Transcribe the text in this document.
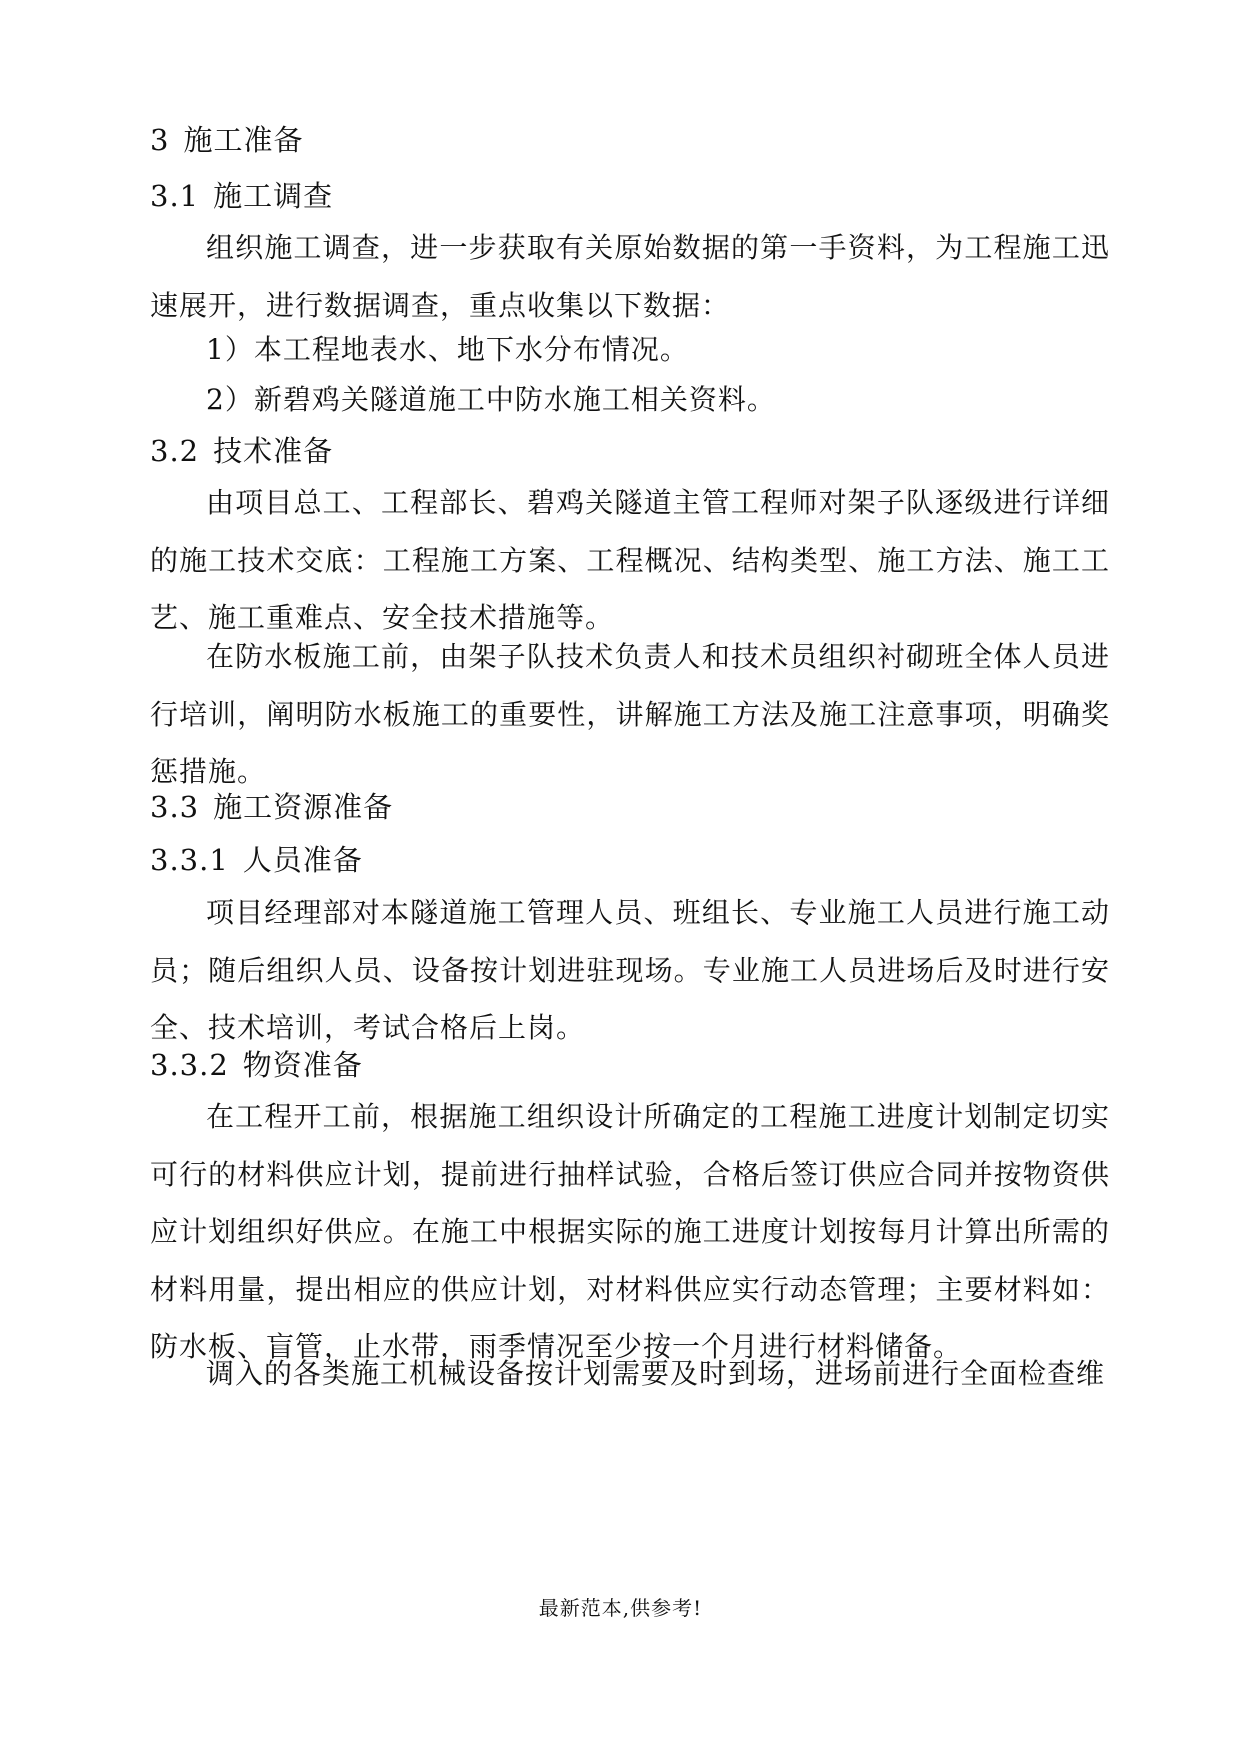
3 施工准备
3.1 施工调查

组织施工调查，进一步获取有关原始数据的第一手资料，为工程施工迅速展开，进行数据调查，重点收集以下数据：

1）本工程地表水、地下水分布情况。
2）新碧鸡关隧道施工中防水施工相关资料。
3.2 技术准备

由项目总工、工程部长、碧鸡关隧道主管工程师对架子队逐级进行详细的施工技术交底：工程施工方案、工程概况、结构类型、施工方法、施工工艺、施工重难点、安全技术措施等。

在防水板施工前，由架子队技术负责人和技术员组织衬砌班全体人员进行培训，阐明防水板施工的重要性，讲解施工方法及施工注意事项，明确奖惩措施。

3.3 施工资源准备
3.3.1 人员准备

项目经理部对本隧道施工管理人员、班组长、专业施工人员进行施工动员；随后组织人员、设备按计划进驻现场。专业施工人员进场后及时进行安全、技术培训，考试合格后上岗。

3.3.2 物资准备

在工程开工前，根据施工组织设计所确定的工程施工进度计划制定切实可行的材料供应计划，提前进行抽样试验，合格后签订供应合同并按物资供应计划组织好供应。在施工中根据实际的施工进度计划按每月计算出所需的材料用量，提出相应的供应计划，对材料供应实行动态管理；主要材料如：防水板、盲管，止水带，雨季情况至少按一个月进行材料储备。

调入的各类施工机械设备按计划需要及时到场，进场前进行全面检查维

最新范本,供参考!
